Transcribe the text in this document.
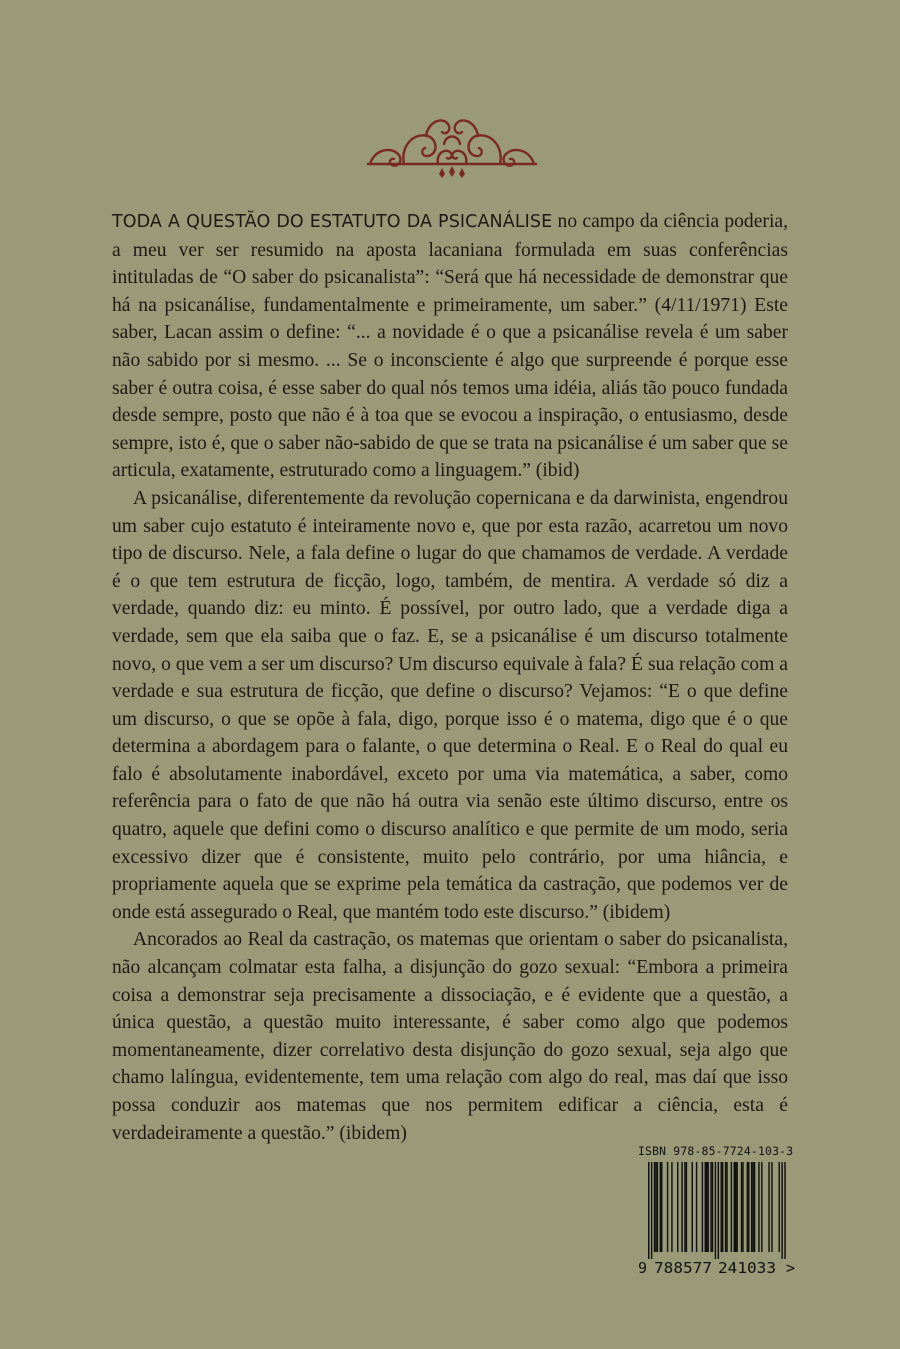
TODA A QUESTÃO DO ESTATUTO DA PSICANÁLISE no campo da ciência poderia, a meu ver ser resumido na aposta lacaniana formulada em suas conferências intituladas de “O saber do psicanalista”: “Será que há necessidade de demonstrar que há na psicanálise, fundamentalmente e primeiramente, um saber.” (4/11/1971) Este saber, Lacan assim o define: “... a novidade é o que a psicanálise revela é um saber não sabido por si mesmo. ... Se o inconsciente é algo que surpreende é porque esse saber é outra coisa, é esse saber do qual nós temos uma idéia, aliás tão pouco fundada desde sempre, posto que não é à toa que se evocou a inspiração, o entusiasmo, desde sempre, isto é, que o saber não-sabido de que se trata na psicanálise é um saber que se articula, exatamente, estruturado como a linguagem.” (ibid)

A psicanálise, diferentemente da revolução copernicana e da darwinista, engendrou um saber cujo estatuto é inteiramente novo e, que por esta razão, acarretou um novo tipo de discurso. Nele, a fala define o lugar do que chamamos de verdade. A verdade é o que tem estrutura de ficção, logo, também, de mentira. A verdade só diz a verdade, quando diz: eu minto. É possível, por outro lado, que a verdade diga a verdade, sem que ela saiba que o faz. E, se a psicanálise é um discurso totalmente novo, o que vem a ser um discurso? Um discurso equivale à fala? É sua relação com a verdade e sua estrutura de ficção, que define o discurso? Vejamos: “E o que define um discurso, o que se opõe à fala, digo, porque isso é o matema, digo que é o que determina a abordagem para o falante, o que determina o Real. E o Real do qual eu falo é absolutamente inabordável, exceto por uma via matemática, a saber, como referência para o fato de que não há outra via senão este último discurso, entre os quatro, aquele que defini como o discurso analítico e que permite de um modo, seria excessivo dizer que é consistente, muito pelo contrário, por uma hiância, e propriamente aquela que se exprime pela temática da castração, que podemos ver de onde está assegurado o Real, que mantém todo este discurso.” (ibidem)

Ancorados ao Real da castração, os matemas que orientam o saber do psicanalista, não alcançam colmatar esta falha, a disjunção do gozo sexual: “Embora a primeira coisa a demonstrar seja precisamente a dissociação, e é evidente que a questão, a única questão, a questão muito interessante, é saber como algo que podemos momentaneamente, dizer correlativo desta disjunção do gozo sexual, seja algo que chamo lalíngua, evidentemente, tem uma relação com algo do real, mas daí que isso possa conduzir aos matemas que nos permitem edificar a ciência, esta é verdadeiramente a questão.” (ibidem)

ISBN 978-85-7724-103-3
9 788577 241033 >
